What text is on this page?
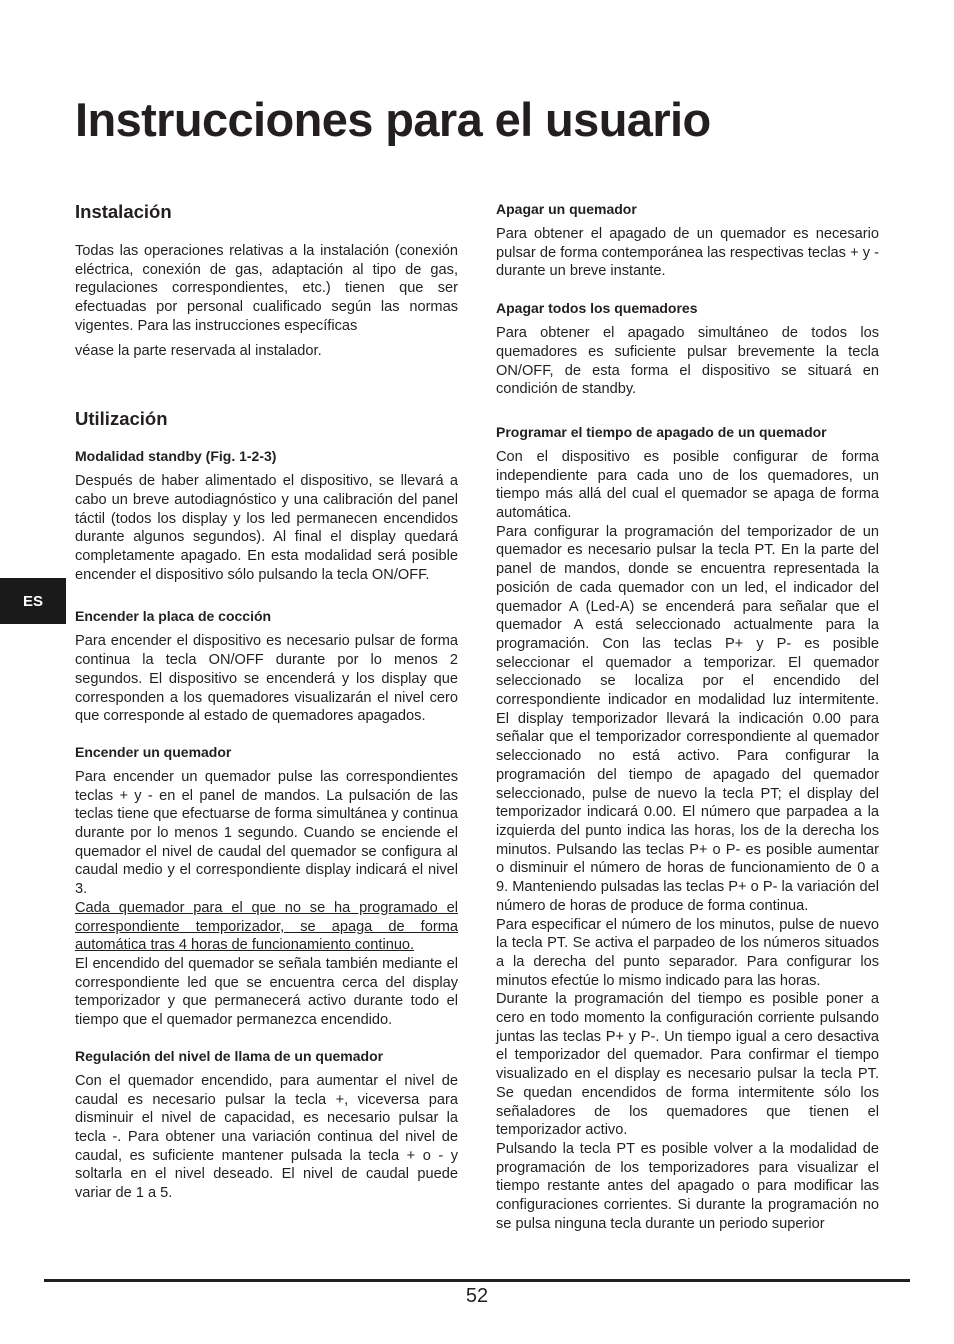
Instrucciones para el usuario
Instalación

Todas las operaciones relativas a la instalación (conexión eléctrica, conexión de gas, adaptación al tipo de gas, regulaciones correspondientes, etc.) tienen que ser efectuadas por personal cualificado según las normas vigentes. Para las instrucciones específicas

véase la parte reservada al instalador.

Utilización
Modalidad standby (Fig. 1-2-3)

Después de haber alimentado el dispositivo, se llevará a cabo un breve autodiagnóstico y una calibración del panel táctil (todos los display y los led permanecen encendidos durante algunos segundos). Al final el display quedará completamente apagado. En esta modalidad será posible encender el dispositivo sólo pulsando la tecla ON/OFF.

Encender la placa de cocción

Para encender el dispositivo es necesario pulsar de forma continua la tecla ON/OFF durante por lo menos 2 segundos. El dispositivo se encenderá y los display que corresponden a los quemadores visualizarán el nivel cero que corresponde al estado de quemadores apagados.

Encender un quemador

Para encender un quemador pulse las correspondientes teclas + y - en el panel de mandos. La pulsación de las teclas tiene que efectuarse de forma simultánea y continua durante por lo menos 1 segundo. Cuando se enciende el quemador el nivel de caudal del quemador se configura al caudal medio y el correspondiente display indicará el nivel 3.

Cada quemador para el que no se ha programado el correspondiente temporizador, se apaga de forma automática tras 4 horas de funcionamiento continuo.

El encendido del quemador se señala también mediante el correspondiente led que se encuentra cerca del display temporizador y que permanecerá activo durante todo el tiempo que el quemador permanezca encendido.

Regulación del nivel de llama de un quemador

Con el quemador encendido, para aumentar el nivel de caudal es necesario pulsar la tecla +, viceversa para disminuir el nivel de capacidad, es necesario pulsar la tecla -. Para obtener una variación continua del nivel de caudal, es suficiente mantener pulsada la tecla + o - y soltarla en el nivel deseado. El nivel de caudal puede variar de 1 a 5.

Apagar un quemador

Para obtener el apagado de un quemador es necesario pulsar de forma contemporánea las respectivas teclas + y - durante un breve instante.

Apagar todos los quemadores

Para obtener el apagado simultáneo de todos los quemadores es suficiente pulsar brevemente la tecla ON/OFF, de esta forma el dispositivo se situará en condición de standby.

Programar el tiempo de apagado de un quemador

Con el dispositivo es posible configurar de forma independiente para cada uno de los quemadores, un tiempo más allá del cual el quemador se apaga de forma automática.

Para configurar la programación del temporizador de un quemador es necesario pulsar la tecla PT. En la parte del panel de mandos, donde se encuentra representada la posición de cada quemador con un led, el indicador del quemador A (Led-A) se encenderá para señalar que el quemador A está seleccionado actualmente para la programación. Con las teclas P+ y P- es posible seleccionar el quemador a temporizar. El quemador seleccionado se localiza por el encendido del correspondiente indicador en modalidad luz intermitente. El display temporizador llevará la indicación 0.00 para señalar que el temporizador correspondiente al quemador seleccionado no está activo. Para configurar la programación del tiempo de apagado del quemador seleccionado, pulse de nuevo la tecla PT; el display del temporizador indicará 0.00. El número que parpadea a la izquierda del punto indica las horas, los de la derecha los minutos. Pulsando las teclas P+ o P- es posible aumentar o disminuir el número de horas de funcionamiento de 0 a 9. Manteniendo pulsadas las teclas P+ o P- la variación del número de horas de produce de forma continua.

Para especificar el número de los minutos, pulse de nuevo la tecla PT. Se activa el parpadeo de los números situados a la derecha del punto separador. Para configurar los minutos efectúe lo mismo indicado para las horas.

Durante la programación del tiempo es posible poner a cero en todo momento la configuración corriente pulsando juntas las teclas P+ y P-. Un tiempo igual a cero desactiva el temporizador del quemador. Para confirmar el tiempo visualizado en el display es necesario pulsar la tecla PT. Se quedan encendidos de forma intermitente sólo los señaladores de los quemadores que tienen el temporizador activo.

Pulsando la tecla PT es posible volver a la modalidad de programación de los temporizadores para visualizar el tiempo restante antes del apagado o para modificar las configuraciones corrientes. Si durante la programación no se pulsa ninguna tecla durante un periodo superior

ES
52
